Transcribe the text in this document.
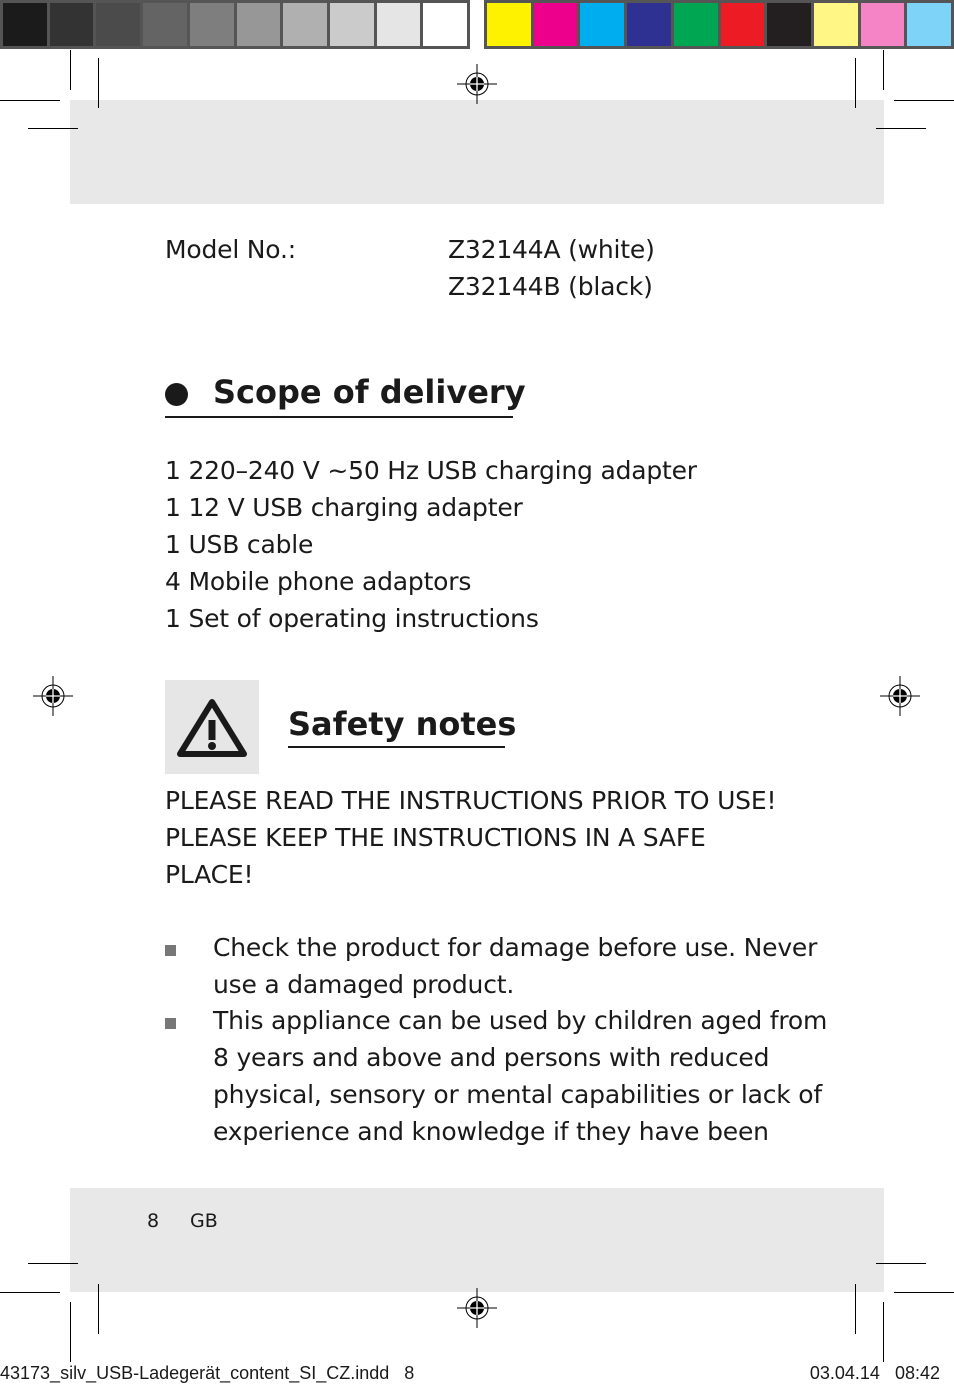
Model No.:	Z32144A (white)
Z32144B (black)
Scope of delivery
1 220–240 V ~50 Hz USB charging adapter
1 12 V USB charging adapter
1 USB cable
4 Mobile phone adaptors
1 Set of operating instructions
Safety notes
PLEASE READ THE INSTRUCTIONS PRIOR TO USE!
PLEASE KEEP THE INSTRUCTIONS IN A SAFE
PLACE!
Check the product for damage before use. Never
use a damaged product.
This appliance can be used by children aged from
8 years and above and persons with reduced
physical, sensory or mental capabilities or lack of
experience and knowledge if they have been
8 GB
43173_silv_USB-Ladegerät_content_SI_CZ.indd   8	03.04.14   08:42
